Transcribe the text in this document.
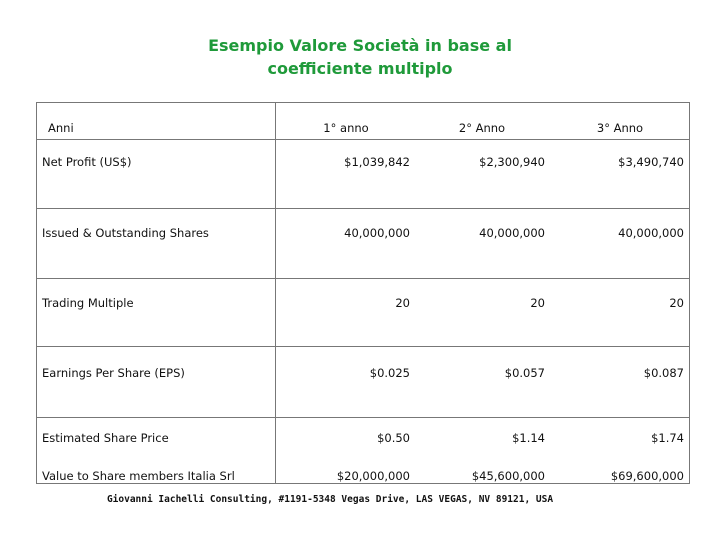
Esempio Valore Società in base al
coefficiente multiplo
Anni	1° anno	2° Anno	3° Anno
Net Profit (US$)	$1,039,842	$2,300,940	$3,490,740
Issued & Outstanding Shares	40,000,000	40,000,000	40,000,000
Trading Multiple	20	20	20
Earnings Per Share (EPS)	$0.025	$0.057	$0.087
Estimated Share Price	$0.50	$1.14	$1.74
Value to Share members Italia Srl	$20,000,000	$45,600,000	$69,600,000
Giovanni Iachelli Consulting, #1191-5348 Vegas Drive, LAS VEGAS, NV 89121, USA
